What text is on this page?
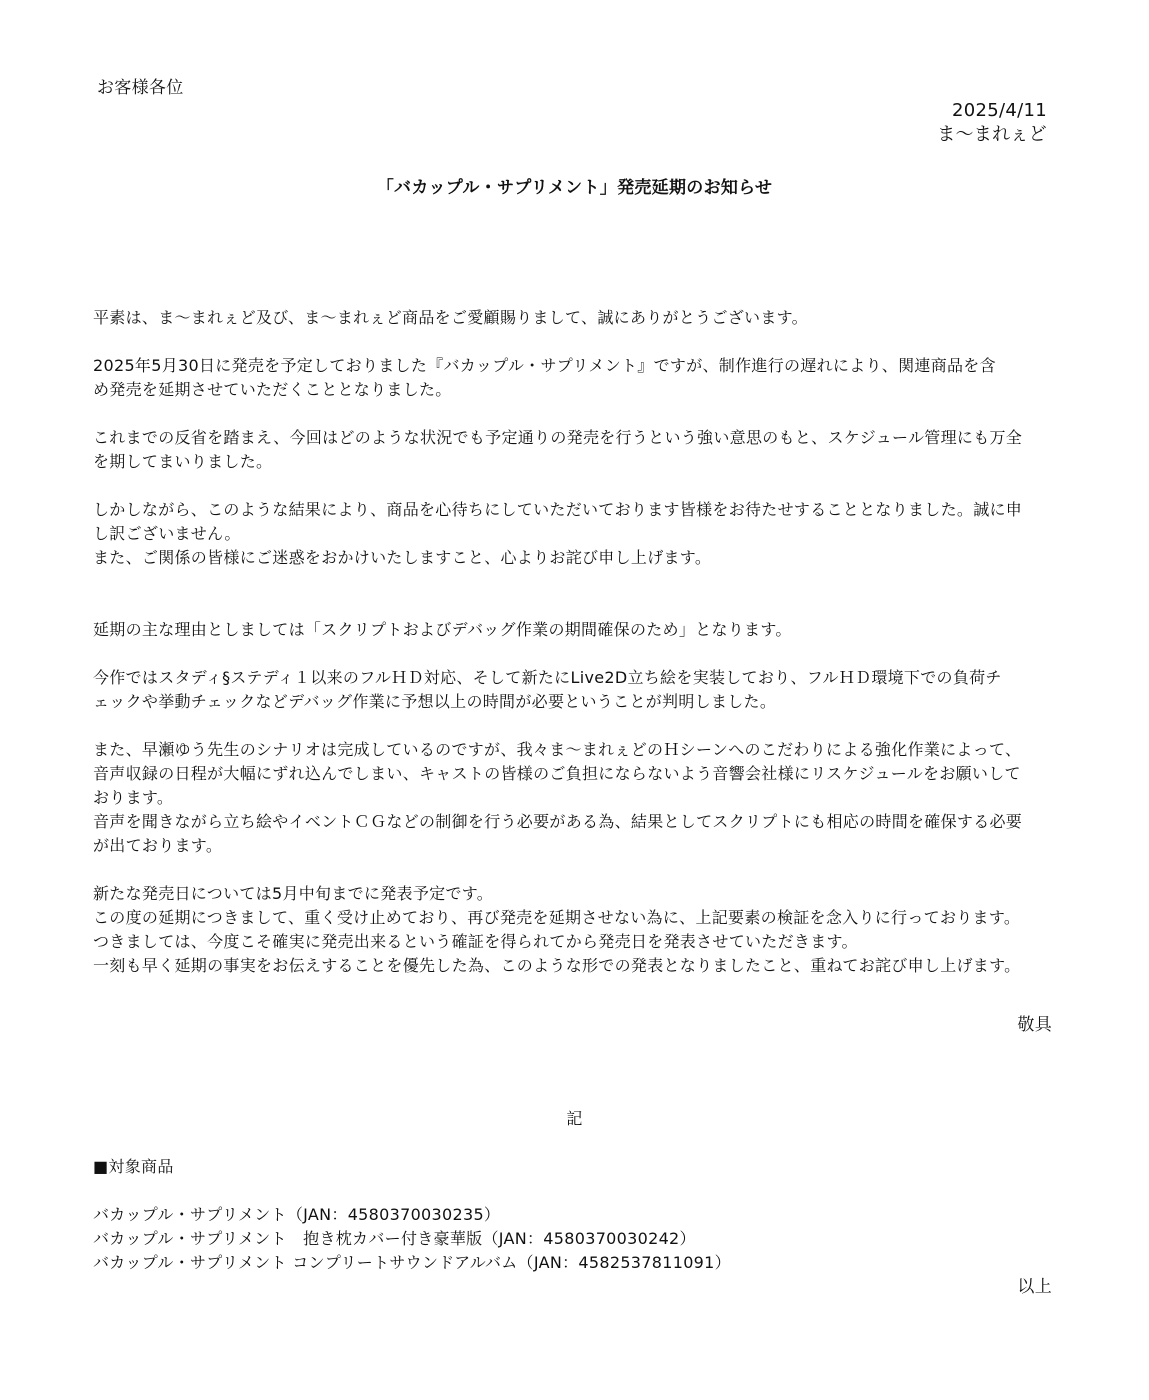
お客様各位
2025/4/11
ま～まれぇど
「バカップル・サプリメント」発売延期のお知らせ
平素は、ま～まれぇど及び、ま～まれぇど商品をご愛顧賜りまして、誠にありがとうございます。
2025年5月30日に発売を予定しておりました『バカップル・サプリメント』ですが、制作進行の遅れにより、関連商品を含
め発売を延期させていただくこととなりました。
これまでの反省を踏まえ、今回はどのような状況でも予定通りの発売を行うという強い意思のもと、スケジュール管理にも万全
を期してまいりました。
しかしながら、このような結果により、商品を心待ちにしていただいております皆様をお待たせすることとなりました。誠に申
し訳ございません。
また、ご関係の皆様にご迷惑をおかけいたしますこと、心よりお詫び申し上げます。
延期の主な理由としましては「スクリプトおよびデバッグ作業の期間確保のため」となります。
今作ではスタディ§ステディ１以来のフルＨＤ対応、そして新たにLive2D立ち絵を実装しており、フルＨＤ環境下での負荷チ
ェックや挙動チェックなどデバッグ作業に予想以上の時間が必要ということが判明しました。
また、早瀬ゆう先生のシナリオは完成しているのですが、我々ま～まれぇどのＨシーンへのこだわりによる強化作業によって、
音声収録の日程が大幅にずれ込んでしまい、キャストの皆様のご負担にならないよう音響会社様にリスケジュールをお願いして
おります。
音声を聞きながら立ち絵やイベントＣＧなどの制御を行う必要がある為、結果としてスクリプトにも相応の時間を確保する必要
が出ております。
新たな発売日については5月中旬までに発表予定です。
この度の延期につきまして、重く受け止めており、再び発売を延期させない為に、上記要素の検証を念入りに行っております。
つきましては、今度こそ確実に発売出来るという確証を得られてから発売日を発表させていただきます。
一刻も早く延期の事実をお伝えすることを優先した為、このような形での発表となりましたこと、重ねてお詫び申し上げます。
敬具
記
■対象商品
バカップル・サプリメント（JAN：4580370030235）
バカップル・サプリメント　抱き枕カバー付き豪華版（JAN：4580370030242）
バカップル・サプリメント コンプリートサウンドアルバム（JAN：4582537811091）
以上
